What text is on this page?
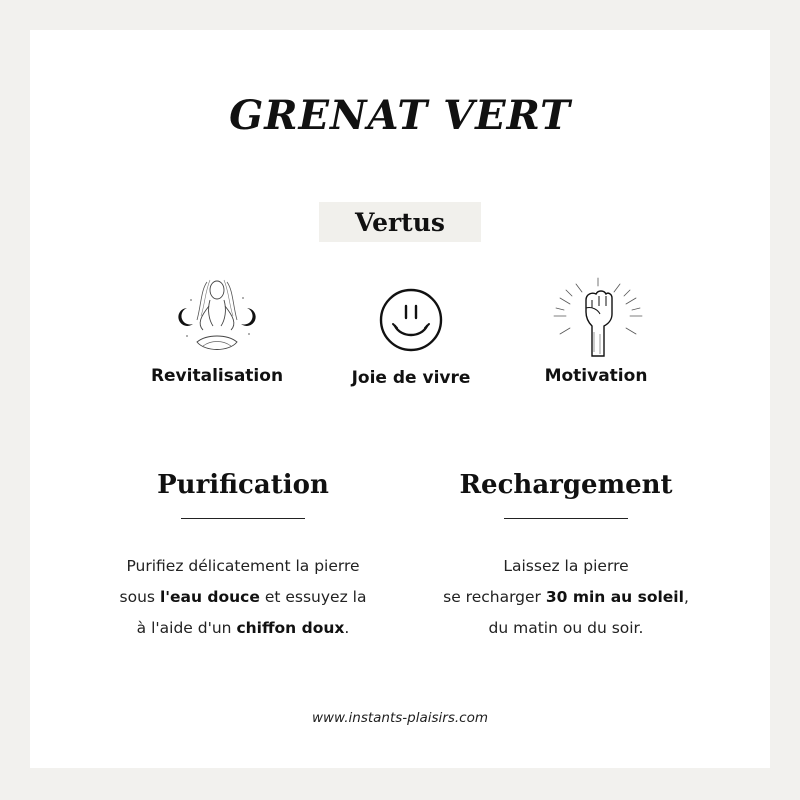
GRENAT VERT
Vertus
Revitalisation	Joie de vivre	Motivation
Purification
Purifiez délicatement la pierre
sous l'eau douce et essuyez la
à l'aide d'un chiffon doux.
Rechargement
Laissez la pierre
se recharger 30 min au soleil,
du matin ou du soir.
www.instants-plaisirs.com
